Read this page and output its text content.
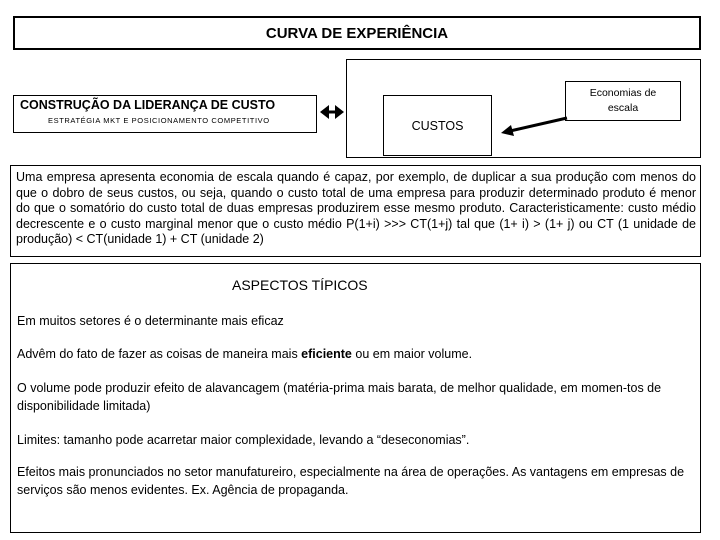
CURVA DE EXPERIÊNCIA
CONSTRUÇÃO DA LIDERANÇA DE CUSTO
ESTRATÉGIA MKT E POSICIONAMENTO COMPETITIVO	CUSTOS
Economias de escala

Uma empresa apresenta economia de escala quando é capaz, por exemplo, de duplicar a sua produção com menos do que o dobro de seus custos, ou seja, quando o custo total de uma empresa para produzir determinado produto é menor do que o somatório do custo total de duas empresas produzirem esse mesmo produto. Caracteristicamente: custo médio decrescente e o custo marginal menor que o custo médio P(1+i) >>> CT(1+j) tal que (1+ i) > (1+ j) ou CT (1 unidade de produção) < CT(unidade 1) + CT (unidade 2)

ASPECTOS TÍPICOS

Em muitos setores é o determinante mais eficaz

Advêm do fato de fazer as coisas de maneira mais eficiente ou em maior volume.

O volume pode produzir efeito de alavancagem (matéria-prima mais barata, de melhor qualidade, em momen-tos de disponibilidade limitada)

Limites: tamanho pode acarretar maior complexidade, levando a “deseconomias”.

Efeitos mais pronunciados no setor manufatureiro, especialmente na área de operações. As vantagens em empresas de serviços são menos evidentes. Ex. Agência de propaganda.
